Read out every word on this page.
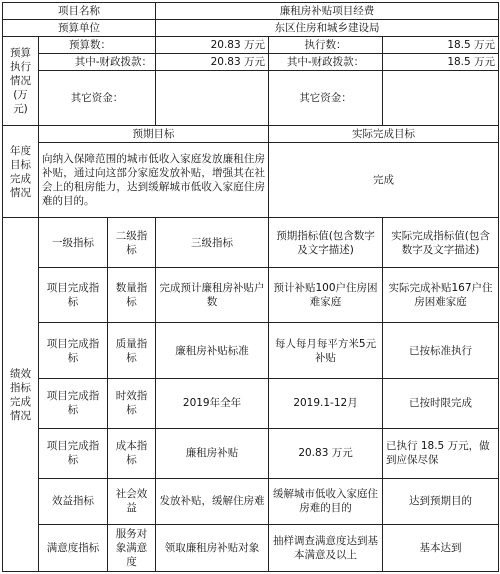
项目名称			廉租房补贴项目经费		
预算单位			东区住房和城乡建设局		
预算执行情况(万元)	预算数：		20.83 万元	执行数：	18.5 万元
	其中-财政拨款：		20.83 万元	其中-财政拨款：	18.5 万元
	其它资金：			其它资金：	
年度目标完成情况	预期目标			实际完成目标	
	向纳入保障范围的城市低收入家庭发放廉租住房补贴，通过向这部分家庭发放补贴，增强其在社会上的租房能力，达到缓解城市低收入家庭住房难的目的。			完成	
绩效指标完成情况	一级指标	二级指标	三级指标	预期指标值(包含数字及文字描述)	实际完成指标值(包含数字及文字描述)
	项目完成指标	数量指标	完成预计廉租房补贴户数	预计补贴100户住房困难家庭	实际完成补贴167户住房困难家庭
	项目完成指标	质量指标	廉租房补贴标准	每人每月每平方米5元补贴	已按标准执行
	项目完成指标	时效指标	2019年全年	2019.1-12月	已按时限完成
	项目完成指标	成本指标	廉租房补贴	20.83 万元	已执行 18.5 万元，做到应保尽保
	效益指标	社会效益	发放补贴，缓解住房难	缓解城市低收入家庭住房难的目的	达到预期目的
	满意度指标	服务对象满意度	领取廉租房补贴对象	抽样调查满意度达到基本满意及以上	基本达到
